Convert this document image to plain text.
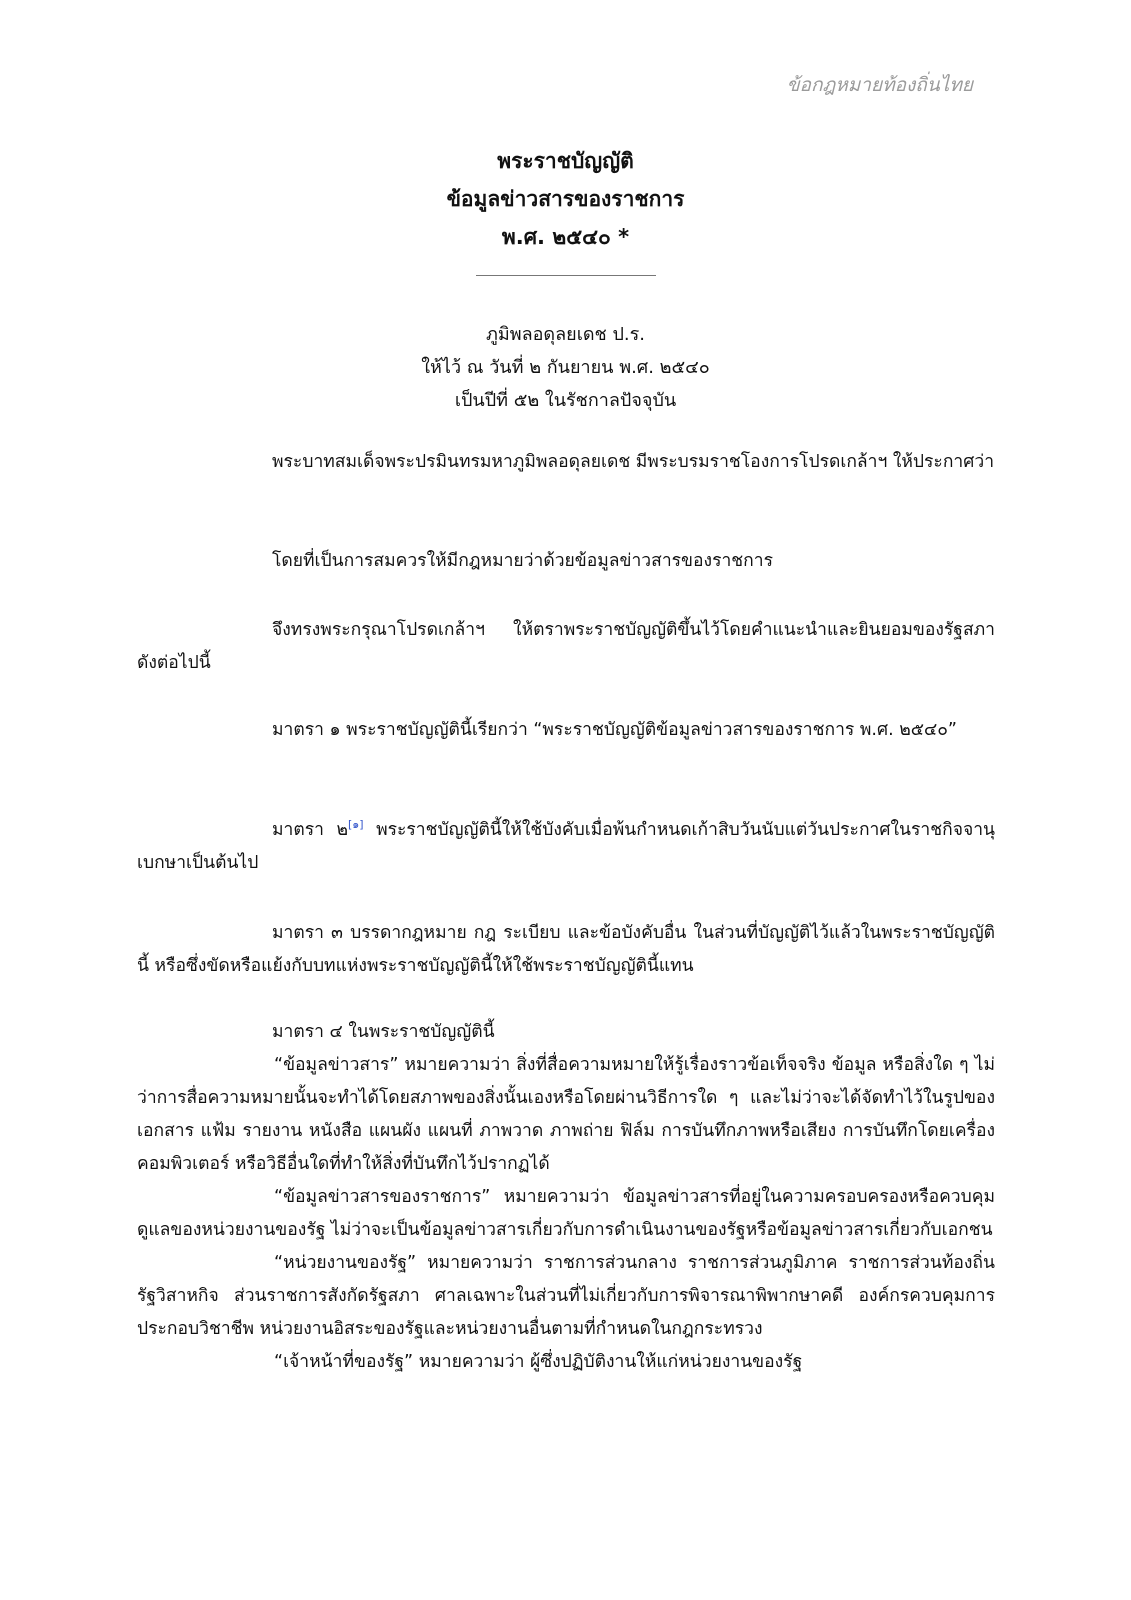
ข้อกฎหมายท้องถิ่นไทย
พระราชบัญญัติ
ข้อมูลข่าวสารของราชการ
พ.ศ. ๒๕๔๐ *
ภูมิพลอดุลยเดช ป.ร.
ให้ไว้ ณ วันที่ ๒ กันยายน พ.ศ. ๒๕๔๐
เป็นปีที่ ๕๒ ในรัชกาลปัจจุบัน

พระบาทสมเด็จพระปรมินทรมหาภูมิพลอดุลยเดช มีพระบรมราชโองการโปรดเกล้าฯ ให้ประกาศว่า

โดยที่เป็นการสมควรให้มีกฎหมายว่าด้วยข้อมูลข่าวสารของราชการ

จึงทรงพระกรุณาโปรดเกล้าฯ ให้ตราพระราชบัญญัติขึ้นไว้โดยคำแนะนำและยินยอมของรัฐสภา ดังต่อไปนี้

มาตรา ๑ พระราชบัญญัตินี้เรียกว่า “พระราชบัญญัติข้อมูลข่าวสารของราชการ พ.ศ. ๒๕๔๐”

มาตรา ๒[๑] พระราชบัญญัตินี้ให้ใช้บังคับเมื่อพ้นกำหนดเก้าสิบวันนับแต่วันประกาศในราชกิจจานุเบกษาเป็นต้นไป

มาตรา ๓ บรรดากฎหมาย กฎ ระเบียบ และข้อบังคับอื่น ในส่วนที่บัญญัติไว้แล้วในพระราชบัญญัตินี้ หรือซึ่งขัดหรือแย้งกับบทแห่งพระราชบัญญัตินี้ให้ใช้พระราชบัญญัตินี้แทน

มาตรา ๔ ในพระราชบัญญัตินี้

“ข้อมูลข่าวสาร” หมายความว่า สิ่งที่สื่อความหมายให้รู้เรื่องราวข้อเท็จจริง ข้อมูล หรือสิ่งใด ๆ ไม่ว่าการสื่อความหมายนั้นจะทำได้โดยสภาพของสิ่งนั้นเองหรือโดยผ่านวิธีการใด ๆ และไม่ว่าจะได้จัดทำไว้ในรูปของเอกสาร แฟ้ม รายงาน หนังสือ แผนผัง แผนที่ ภาพวาด ภาพถ่าย ฟิล์ม การบันทึกภาพหรือเสียง การบันทึกโดยเครื่องคอมพิวเตอร์ หรือวิธีอื่นใดที่ทำให้สิ่งที่บันทึกไว้ปรากฏได้

“ข้อมูลข่าวสารของราชการ” หมายความว่า ข้อมูลข่าวสารที่อยู่ในความครอบครองหรือควบคุมดูแลของหน่วยงานของรัฐ ไม่ว่าจะเป็นข้อมูลข่าวสารเกี่ยวกับการดำเนินงานของรัฐหรือข้อมูลข่าวสารเกี่ยวกับเอกชน

“หน่วยงานของรัฐ” หมายความว่า ราชการส่วนกลาง ราชการส่วนภูมิภาค ราชการส่วนท้องถิ่น รัฐวิสาหกิจ ส่วนราชการสังกัดรัฐสภา ศาลเฉพาะในส่วนที่ไม่เกี่ยวกับการพิจารณาพิพากษาคดี องค์กรควบคุมการประกอบวิชาชีพ หน่วยงานอิสระของรัฐและหน่วยงานอื่นตามที่กำหนดในกฎกระทรวง

“เจ้าหน้าที่ของรัฐ” หมายความว่า ผู้ซึ่งปฏิบัติงานให้แก่หน่วยงานของรัฐ
